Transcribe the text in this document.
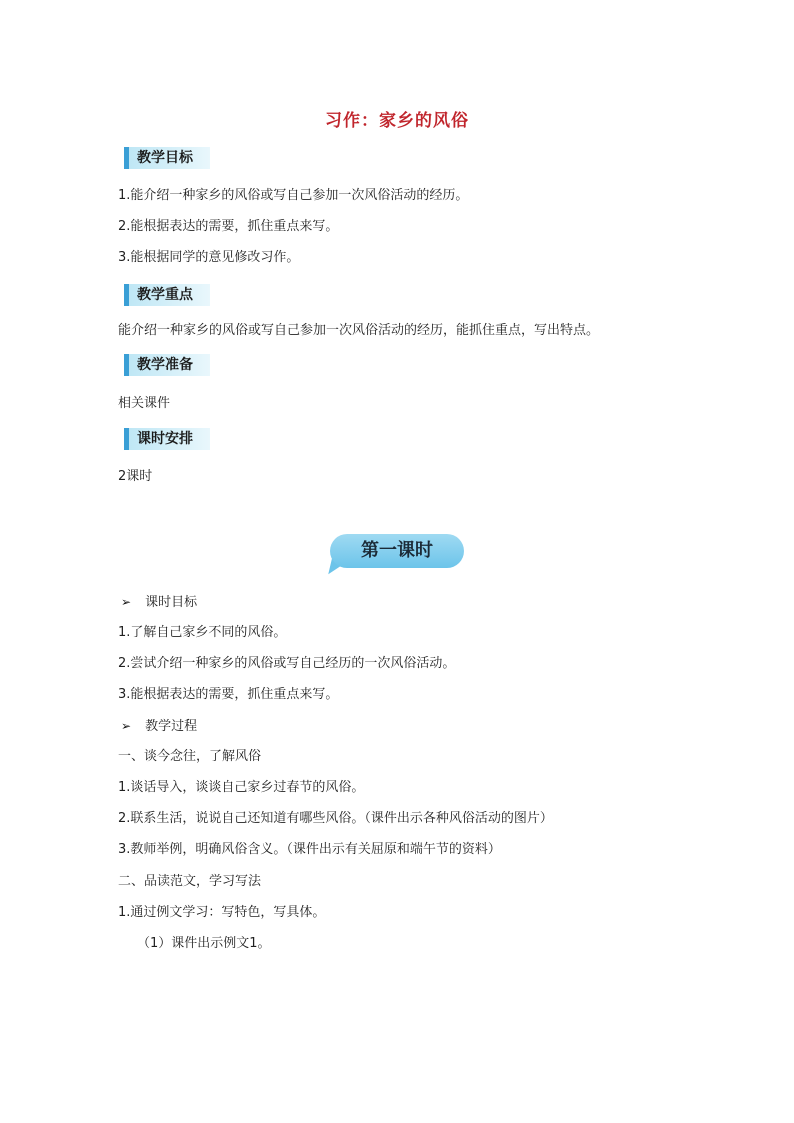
习作：家乡的风俗
教学目标
1.能介绍一种家乡的风俗或写自己参加一次风俗活动的经历。
2.能根据表达的需要，抓住重点来写。
3.能根据同学的意见修改习作。
教学重点
能介绍一种家乡的风俗或写自己参加一次风俗活动的经历，能抓住重点，写出特点。
教学准备
相关课件
课时安排
2课时
第一课时
➢ 课时目标
1.了解自己家乡不同的风俗。
2.尝试介绍一种家乡的风俗或写自己经历的一次风俗活动。
3.能根据表达的需要，抓住重点来写。
➢ 教学过程
一、谈今念往，了解风俗
1.谈话导入，谈谈自己家乡过春节的风俗。
2.联系生活，说说自己还知道有哪些风俗。（课件出示各种风俗活动的图片）
3.教师举例，明确风俗含义。（课件出示有关屈原和端午节的资料）
二、品读范文，学习写法
1.通过例文学习：写特色，写具体。
（1）课件出示例文1。
